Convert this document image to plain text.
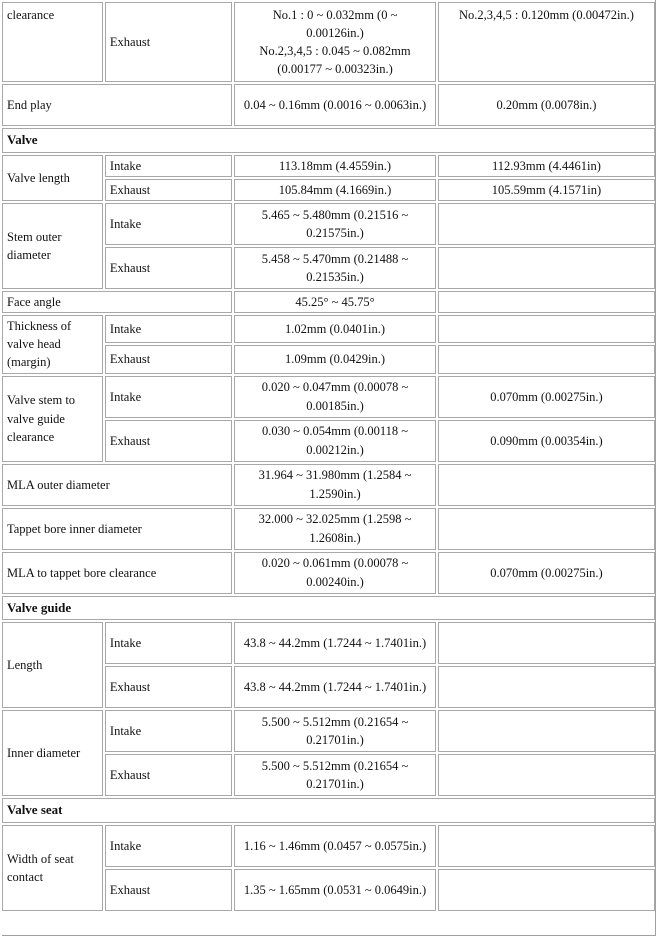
clearance	Exhaust	No.1 : 0 ~ 0.032mm (0 ~
0.00126in.)
No.2,3,4,5 : 0.045 ~ 0.082mm
(0.00177 ~ 0.00323in.)	No.2,3,4,5 : 0.120mm (0.00472in.)
End play		0.04 ~ 0.16mm (0.0016 ~ 0.0063in.)	0.20mm (0.0078in.)
Valve			
Valve length	Intake	113.18mm (4.4559in.)	112.93mm (4.4461in)
	Exhaust	105.84mm (4.1669in.)	105.59mm (4.1571in)
Stem outer diameter	Intake	5.465 ~ 5.480mm (0.21516 ~ 0.21575in.)	
	Exhaust	5.458 ~ 5.470mm (0.21488 ~ 0.21535in.)	
Face angle		45.25° ~ 45.75°	
Thickness of valve head (margin)	Intake	1.02mm (0.0401in.)	
	Exhaust	1.09mm (0.0429in.)	
Valve stem to valve guide clearance	Intake	0.020 ~ 0.047mm (0.00078 ~ 0.00185in.)	0.070mm (0.00275in.)
	Exhaust	0.030 ~ 0.054mm (0.00118 ~ 0.00212in.)	0.090mm (0.00354in.)
MLA outer diameter		31.964 ~ 31.980mm (1.2584 ~ 1.2590in.)	
Tappet bore inner diameter		32.000 ~ 32.025mm (1.2598 ~ 1.2608in.)	
MLA to tappet bore clearance		0.020 ~ 0.061mm (0.00078 ~ 0.00240in.)	0.070mm (0.00275in.)
Valve guide			
Length	Intake	43.8 ~ 44.2mm (1.7244 ~ 1.7401in.)	
	Exhaust	43.8 ~ 44.2mm (1.7244 ~ 1.7401in.)	
Inner diameter	Intake	5.500 ~ 5.512mm (0.21654 ~ 0.21701in.)	
	Exhaust	5.500 ~ 5.512mm (0.21654 ~ 0.21701in.)	
Valve seat			
Width of seat contact	Intake	1.16 ~ 1.46mm (0.0457 ~ 0.0575in.)	
	Exhaust	1.35 ~ 1.65mm (0.0531 ~ 0.0649in.)	
